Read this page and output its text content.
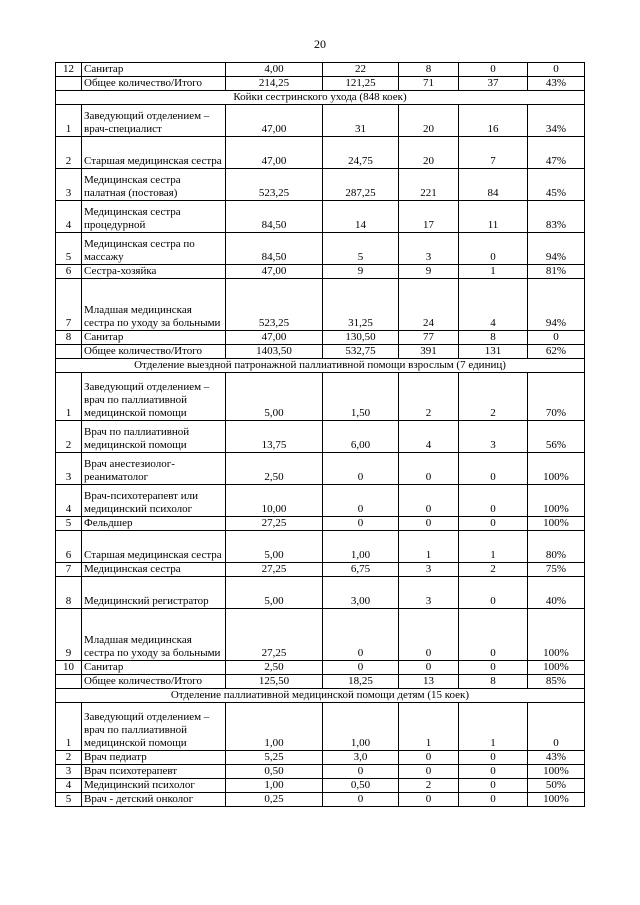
20
12	Санитар	4,00	22	8	0	0
	Общее количество/Итого	214,25	121,25	71	37	43%
Койки сестринского ухода (848 коек)						
1	Заведующий отделением – врач-специалист	47,00	31	20	16	34%
2	Старшая медицинская сестра	47,00	24,75	20	7	47%
3	Медицинская сестра палатная (постовая)	523,25	287,25	221	84	45%
4	Медицинская сестра процедурной	84,50	14	17	11	83%
5	Медицинская сестра по массажу	84,50	5	3	0	94%
6	Сестра-хозяйка	47,00	9	9	1	81%
7	Младшая медицинская сестра по уходу за больными	523,25	31,25	24	4	94%
8	Санитар	47,00	130,50	77	8	0
	Общее количество/Итого	1403,50	532,75	391	131	62%
Отделение выездной патронажной паллиативной помощи взрослым (7 единиц)						
1	Заведующий отделением – врач по паллиативной медицинской помощи	5,00	1,50	2	2	70%
2	Врач по паллиативной медицинской помощи	13,75	6,00	4	3	56%
3	Врач анестезиолог-реаниматолог	2,50	0	0	0	100%
4	Врач-психотерапевт или медицинский психолог	10,00	0	0	0	100%
5	Фельдшер	27,25	0	0	0	100%
6	Старшая медицинская сестра	5,00	1,00	1	1	80%
7	Медицинская сестра	27,25	6,75	3	2	75%
8	Медицинский регистратор	5,00	3,00	3	0	40%
9	Младшая медицинская сестра по уходу за больными	27,25	0	0	0	100%
10	Санитар	2,50	0	0	0	100%
	Общее количество/Итого	125,50	18,25	13	8	85%
Отделение паллиативной медицинской помощи детям (15 коек)						
1	Заведующий отделением – врач по паллиативной медицинской помощи	1,00	1,00	1	1	0
2	Врач педиатр	5,25	3,0	0	0	43%
3	Врач психотерапевт	0,50	0	0	0	100%
4	Медицинский психолог	1,00	0,50	2	0	50%
5	Врач - детский онколог	0,25	0	0	0	100%
